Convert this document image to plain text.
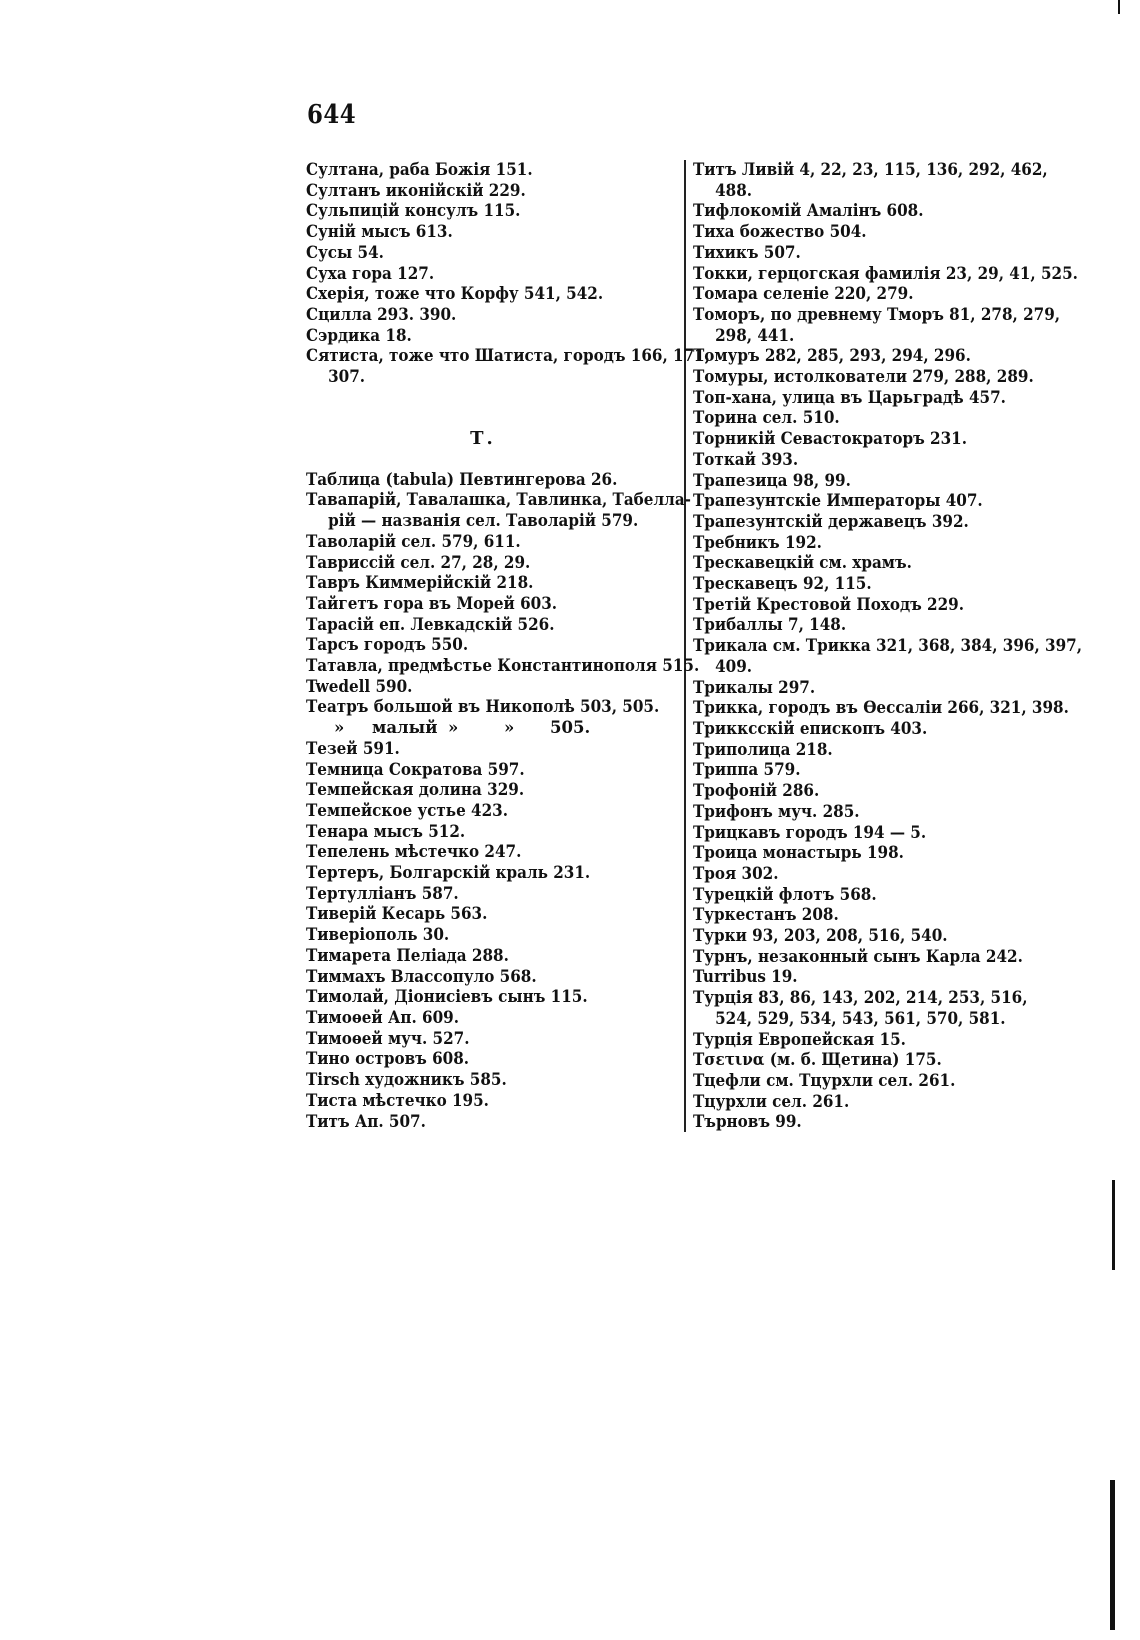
644
Султана, раба Божія 151.
Султанъ иконійскій 229.
Сульпицій консулъ 115.
Суній мысъ 613.
Сусы 54.
Суха гора 127.
Схерія, тоже что Корфу 541, 542.
Сцилла 293. 390.
Сэрдика 18.
Сятиста, тоже что Шатиста, городъ 166, 171,
307.
Т.
Таблица (tabula) Певтингерова 26.
Тавапарій, Тавалашка, Тавлинка, Табелла-
рій — названія сел. Таволарій 579.
Таволарій сел. 579, 611.
Тавриссій сел. 27, 28, 29.
Тавръ Киммерійскій 218.
Тайгетъ гора въ Морей 603.
Тарасій еп. Левкадскій 526.
Тарсъ городъ 550.
Татавла, предмѣстье Константинополя 515.
Twedell 590.
Театръ большой въ Никополѣ 503, 505.
» малый »	» 505.
Тезей 591.
Темница Сократова 597.
Темпейская долина 329.
Темпейское устье 423.
Тенара мысъ 512.
Тепелень мѣстечко 247.
Тертеръ, Болгарскій краль 231.
Тертулліанъ 587.
Тиверій Кесарь 563.
Тиверіополь 30.
Тимарета Пеліада 288.
Тиммахъ Влассопуло 568.
Тимолай, Діонисіевъ сынъ 115.
Тимоѳей Ап. 609.
Тимоѳей муч. 527.
Тино островъ 608.
Tirsch художникъ 585.
Тиста мѣстечко 195.
Титъ Ап. 507.
Титъ Ливій 4, 22, 23, 115, 136, 292, 462,
488.
Тифлокомій Амалінъ 608.
Тиха божество 504.
Тихикъ 507.
Токки, герцогская фамилія 23, 29, 41, 525.
Томара селеніе 220, 279.
Томоръ, по древнему Тморъ 81, 278, 279,
298, 441.
Томуръ 282, 285, 293, 294, 296.
Томуры, истолкователи 279, 288, 289.
Топ-хана, улица въ Царьградѣ 457.
Торина сел. 510.
Торникій Севастократоръ 231.
Тоткай 393.
Трапезица 98, 99.
Трапезунтскіе Императоры 407.
Трапезунтскій державецъ 392.
Требникъ 192.
Трескавецкій см. храмъ.
Трескавецъ 92, 115.
Третій Крестовой Походъ 229.
Трибаллы 7, 148.
Трикала см. Трикка 321, 368, 384, 396, 397,
409.
Трикалы 297.
Трикка, городъ въ Ѳессаліи 266, 321, 398.
Трикксскій епископъ 403.
Триполица 218.
Триппа 579.
Трофоній 286.
Трифонъ муч. 285.
Трицкавъ городъ 194 — 5.
Троица монастырь 198.
Троя 302.
Турецкій флотъ 568.
Туркестанъ 208.
Турки 93, 203, 208, 516, 540.
Турнъ, незаконный сынъ Карла 242.
Turribus 19.
Турція 83, 86, 143, 202, 214, 253, 516,
524, 529, 534, 543, 561, 570, 581.
Турція Европейская 15.
Τσετινα (м. б. Щетина) 175.
Тцефли см. Тцурхли сел. 261.
Тцурхли сел. 261.
Търновъ 99.
